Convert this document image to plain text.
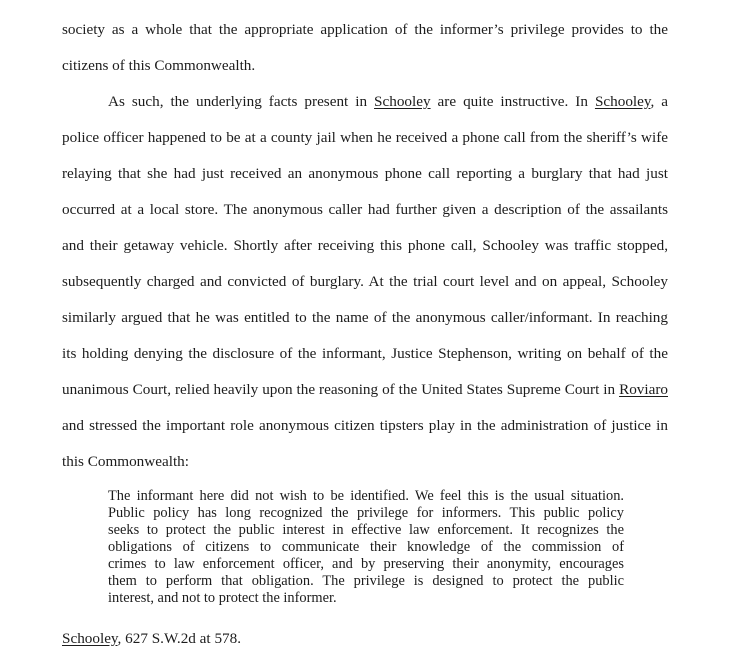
society as a whole that the appropriate application of the informer’s privilege provides to the
citizens of this Commonwealth.
As such, the underlying facts present in Schooley are quite instructive. In Schooley, a
police officer happened to be at a county jail when he received a phone call from the sheriff’s wife
relaying that she had just received an anonymous phone call reporting a burglary that had just
occurred at a local store. The anonymous caller had further given a description of the assailants
and their getaway vehicle. Shortly after receiving this phone call, Schooley was traffic stopped,
subsequently charged and convicted of burglary. At the trial court level and on appeal, Schooley
similarly argued that he was entitled to the name of the anonymous caller/informant. In reaching
its holding denying the disclosure of the informant, Justice Stephenson, writing on behalf of the
unanimous Court, relied heavily upon the reasoning of the United States Supreme Court in Roviaro
and stressed the important role anonymous citizen tipsters play in the administration of justice in
this Commonwealth:
The informant here did not wish to be identified. We feel this is the usual situation.
Public policy has long recognized the privilege for informers. This public policy
seeks to protect the public interest in effective law enforcement. It recognizes the
obligations of citizens to communicate their knowledge of the commission of
crimes to law enforcement officer, and by preserving their anonymity, encourages
them to perform that obligation. The privilege is designed to protect the public
interest, and not to protect the informer.
Schooley, 627 S.W.2d at 578.
